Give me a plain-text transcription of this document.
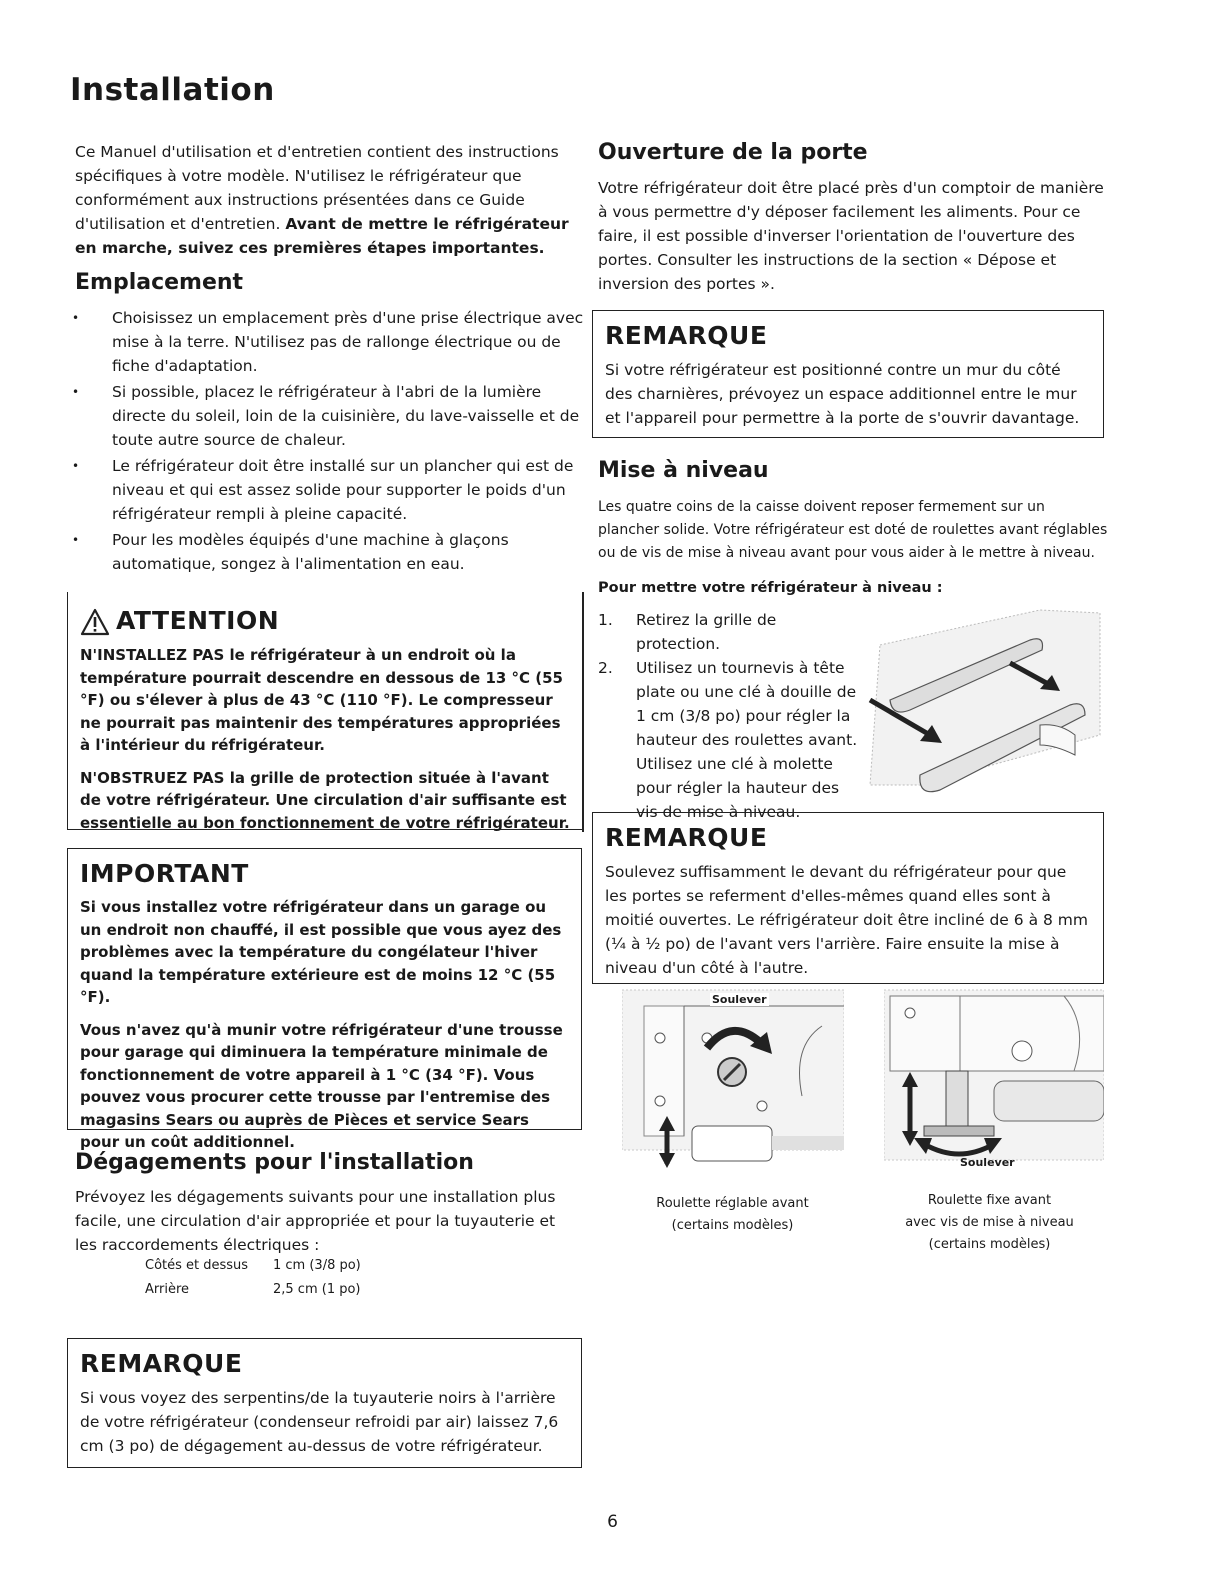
Installation
Ce Manuel d'utilisation et d'entretien contient des instructions spécifiques à votre modèle. N'utilisez le réfrigérateur que conformément aux instructions présentées dans ce Guide d'utilisation et d'entretien. Avant de mettre le réfrigérateur en marche, suivez ces premières étapes importantes.
Emplacement
• Choisissez un emplacement près d'une prise électrique avec mise à la terre. N'utilisez pas de rallonge électrique ou de fiche d'adaptation.
• Si possible, placez le réfrigérateur à l'abri de la lumière directe du soleil, loin de la cuisinière, du lave-vaisselle et de toute autre source de chaleur.
• Le réfrigérateur doit être installé sur un plancher qui est de niveau et qui est assez solide pour supporter le poids d'un réfrigérateur rempli à pleine capacité.
• Pour les modèles équipés d'une machine à glaçons automatique, songez à l'alimentation en eau.
ATTENTION

N'INSTALLEZ PAS le réfrigérateur à un endroit où la température pourrait descendre en dessous de 13 °C (55 °F) ou s'élever à plus de 43 °C (110 °F). Le compresseur ne pourrait pas maintenir des températures appropriées à l'intérieur du réfrigérateur.

N'OBSTRUEZ PAS la grille de protection située à l'avant de votre réfrigérateur. Une circulation d'air suffisante est essentielle au bon fonctionnement de votre réfrigérateur.

IMPORTANT

Si vous installez votre réfrigérateur dans un garage ou un endroit non chauffé, il est possible que vous ayez des problèmes avec la température du congélateur l'hiver quand la température extérieure est de moins 12 °C (55 °F).

Vous n'avez qu'à munir votre réfrigérateur d'une trousse pour garage qui diminuera la température minimale de fonctionnement de votre appareil à 1 °C (34 °F). Vous pouvez vous procurer cette trousse par l'entremise des magasins Sears ou auprès de Pièces et service Sears pour un coût additionnel.

Dégagements pour l'installation
Prévoyez les dégagements suivants pour une installation plus facile, une circulation d'air appropriée et pour la tuyauterie et les raccordements électriques :
Côtés et dessus 1 cm (3/8 po)
Arrière	2,5 cm (1 po)
REMARQUE

Si vous voyez des serpentins/de la tuyauterie noirs à l'arrière de votre réfrigérateur (condenseur refroidi par air) laissez 7,6 cm (3 po) de dégagement au-dessus de votre réfrigérateur.

Ouverture de la porte
Votre réfrigérateur doit être placé près d'un comptoir de manière à vous permettre d'y déposer facilement les aliments. Pour ce faire, il est possible d'inverser l'orientation de l'ouverture des portes. Consulter les instructions de la section « Dépose et inversion des portes ».
REMARQUE

Si votre réfrigérateur est positionné contre un mur du côté des charnières, prévoyez un espace additionnel entre le mur et l'appareil pour permettre à la porte de s'ouvrir davantage.

Mise à niveau
Les quatre coins de la caisse doivent reposer fermement sur un plancher solide. Votre réfrigérateur est doté de roulettes avant réglables ou de vis de mise à niveau avant pour vous aider à le mettre à niveau.
Pour mettre votre réfrigérateur à niveau :
1. Retirez la grille de protection.
2. Utilisez un tournevis à tête plate ou une clé à douille de 1 cm (3/8 po) pour régler la hauteur des roulettes avant. Utilisez une clé à molette pour régler la hauteur des vis de mise à niveau.
REMARQUE

Soulevez suffisamment le devant du réfrigérateur pour que les portes se referment d'elles-mêmes quand elles sont à moitié ouvertes. Le réfrigérateur doit être incliné de 6 à 8 mm (¼ à ½ po) de l'avant vers l'arrière. Faire ensuite la mise à niveau d'un côté à l'autre.

Soulever
Soulever
Roulette réglable avant
(certains modèles)
Roulette fixe avant
avec vis de mise à niveau
(certains modèles)
6
